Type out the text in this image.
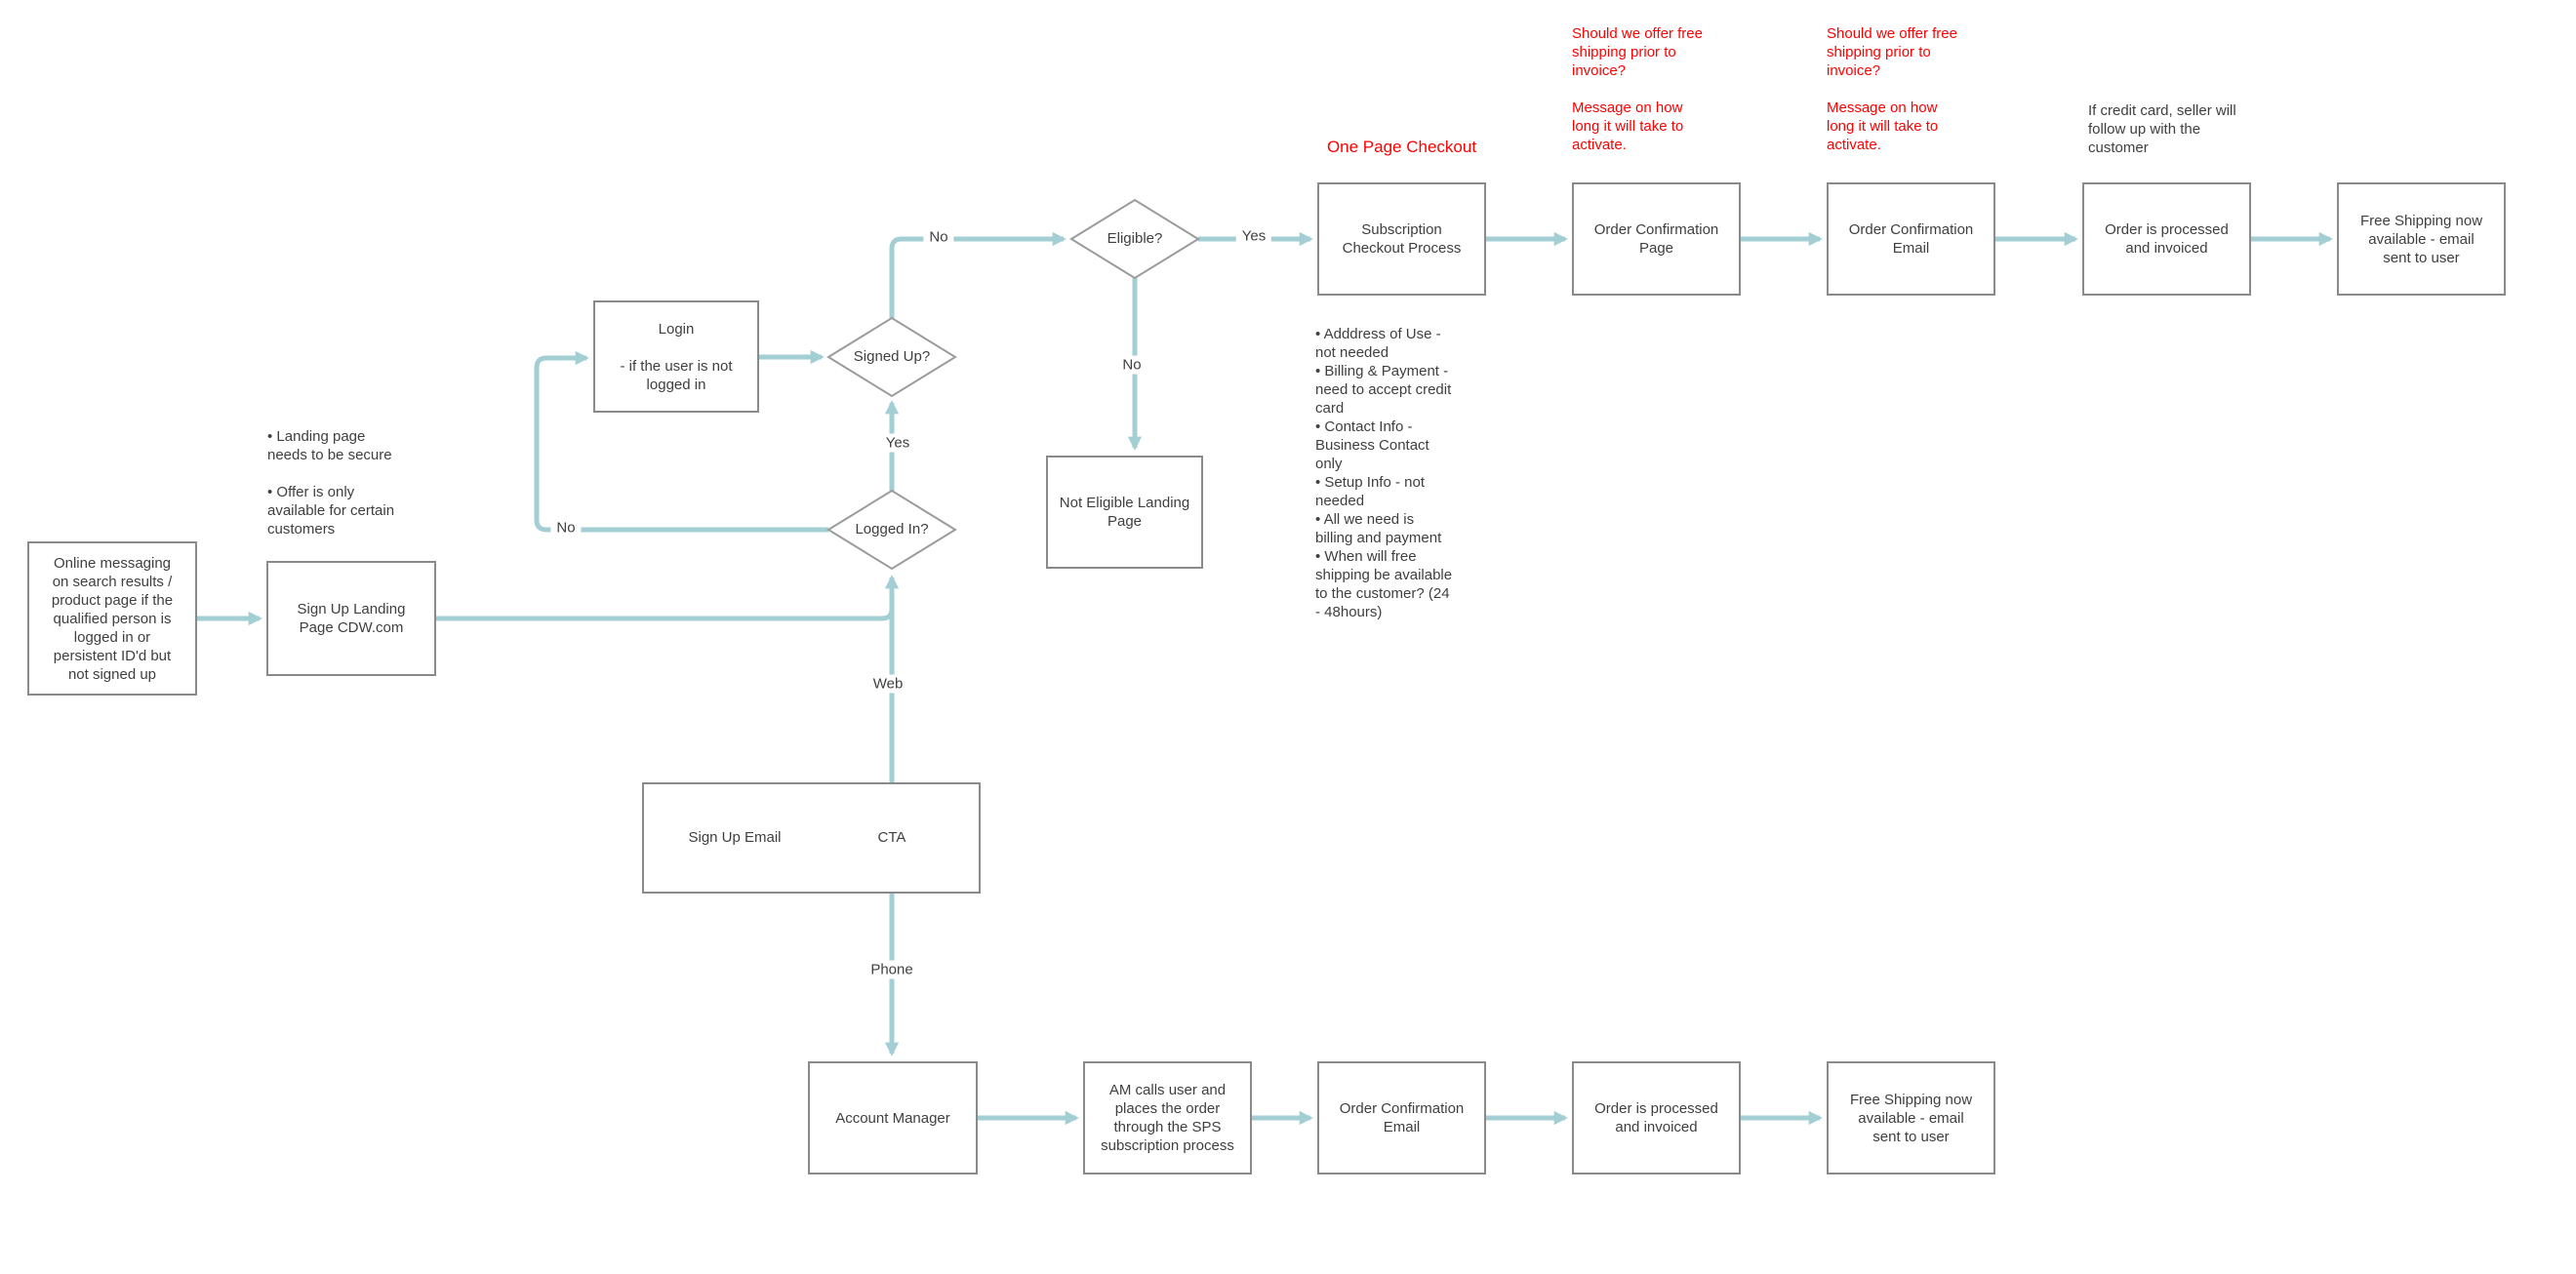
Online messaging
on search results /
product page if the
qualified person is
logged in or
persistent ID'd but
not signed up
Sign Up Landing
Page CDW.com
Login

- if the user is not
logged in
Not Eligible Landing
Page
Subscription
Checkout Process
Order Confirmation
Page
Order Confirmation
Email
Order is processed
and invoiced
Free Shipping now
available - email
sent to user
Account Manager
AM calls user and
places the order
through the SPS
subscription process
Order Confirmation
Email
Order is processed
and invoiced
Free Shipping now
available - email
sent to user
Signed Up?
Logged In?
Eligible?
CTA
Sign Up Email
No	Yes
No
Yes
No
Web
Phone
One Page Checkout
Should we offer free
shipping prior to
invoice?

Message on how
long it will take to
activate.
Should we offer free
shipping prior to
invoice?

Message on how
long it will take to
activate.
If credit card, seller will
follow up with the
customer
• Landing page
needs to be secure

• Offer is only
available for certain
customers
• Adddress of Use -
not needed
• Billing & Payment -
need to accept credit
card
• Contact Info -
Business Contact
only
• Setup Info - not
needed
• All we need is
billing and payment
• When will free
shipping be available
to the customer? (24
- 48hours)
